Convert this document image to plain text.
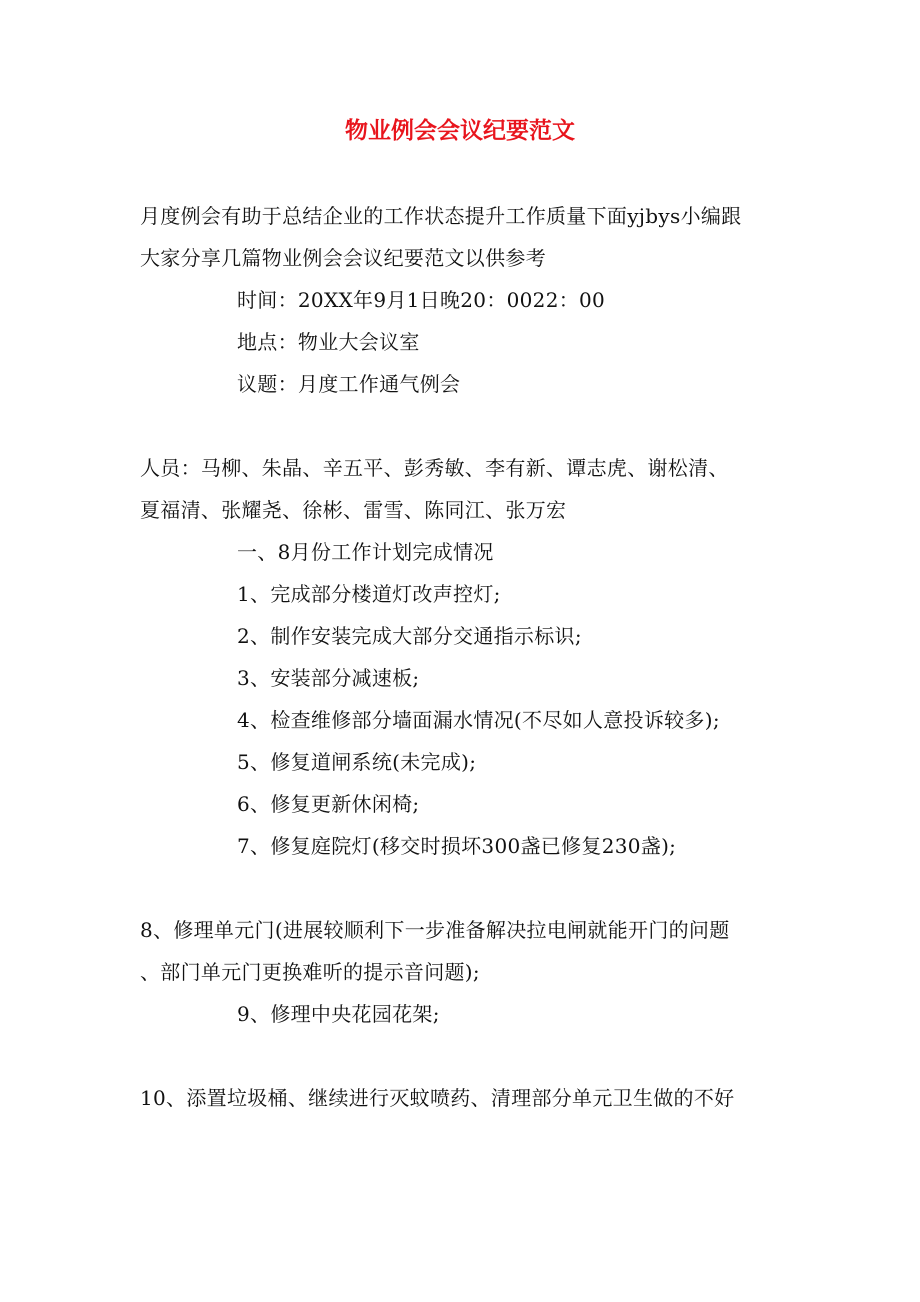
物业例会会议纪要范文
月度例会有助于总结企业的工作状态提升工作质量下面yjbys小编跟
大家分享几篇物业例会会议纪要范文以供参考
时间：20XX年9月1日晚20：0022：00
地点：物业大会议室
议题：月度工作通气例会
人员：马柳、朱晶、辛五平、彭秀敏、李有新、谭志虎、谢松清、
夏福清、张耀尧、徐彬、雷雪、陈同江、张万宏
一、8月份工作计划完成情况
1、完成部分楼道灯改声控灯;
2、制作安装完成大部分交通指示标识;
3、安装部分减速板;
4、检查维修部分墙面漏水情况(不尽如人意投诉较多);
5、修复道闸系统(未完成);
6、修复更新休闲椅;
7、修复庭院灯(移交时损坏300盏已修复230盏);
8、修理单元门(进展较顺利下一步准备解决拉电闸就能开门的问题
、部门单元门更换难听的提示音问题);
9、修理中央花园花架;
10、添置垃圾桶、继续进行灭蚊喷药、清理部分单元卫生做的不好
